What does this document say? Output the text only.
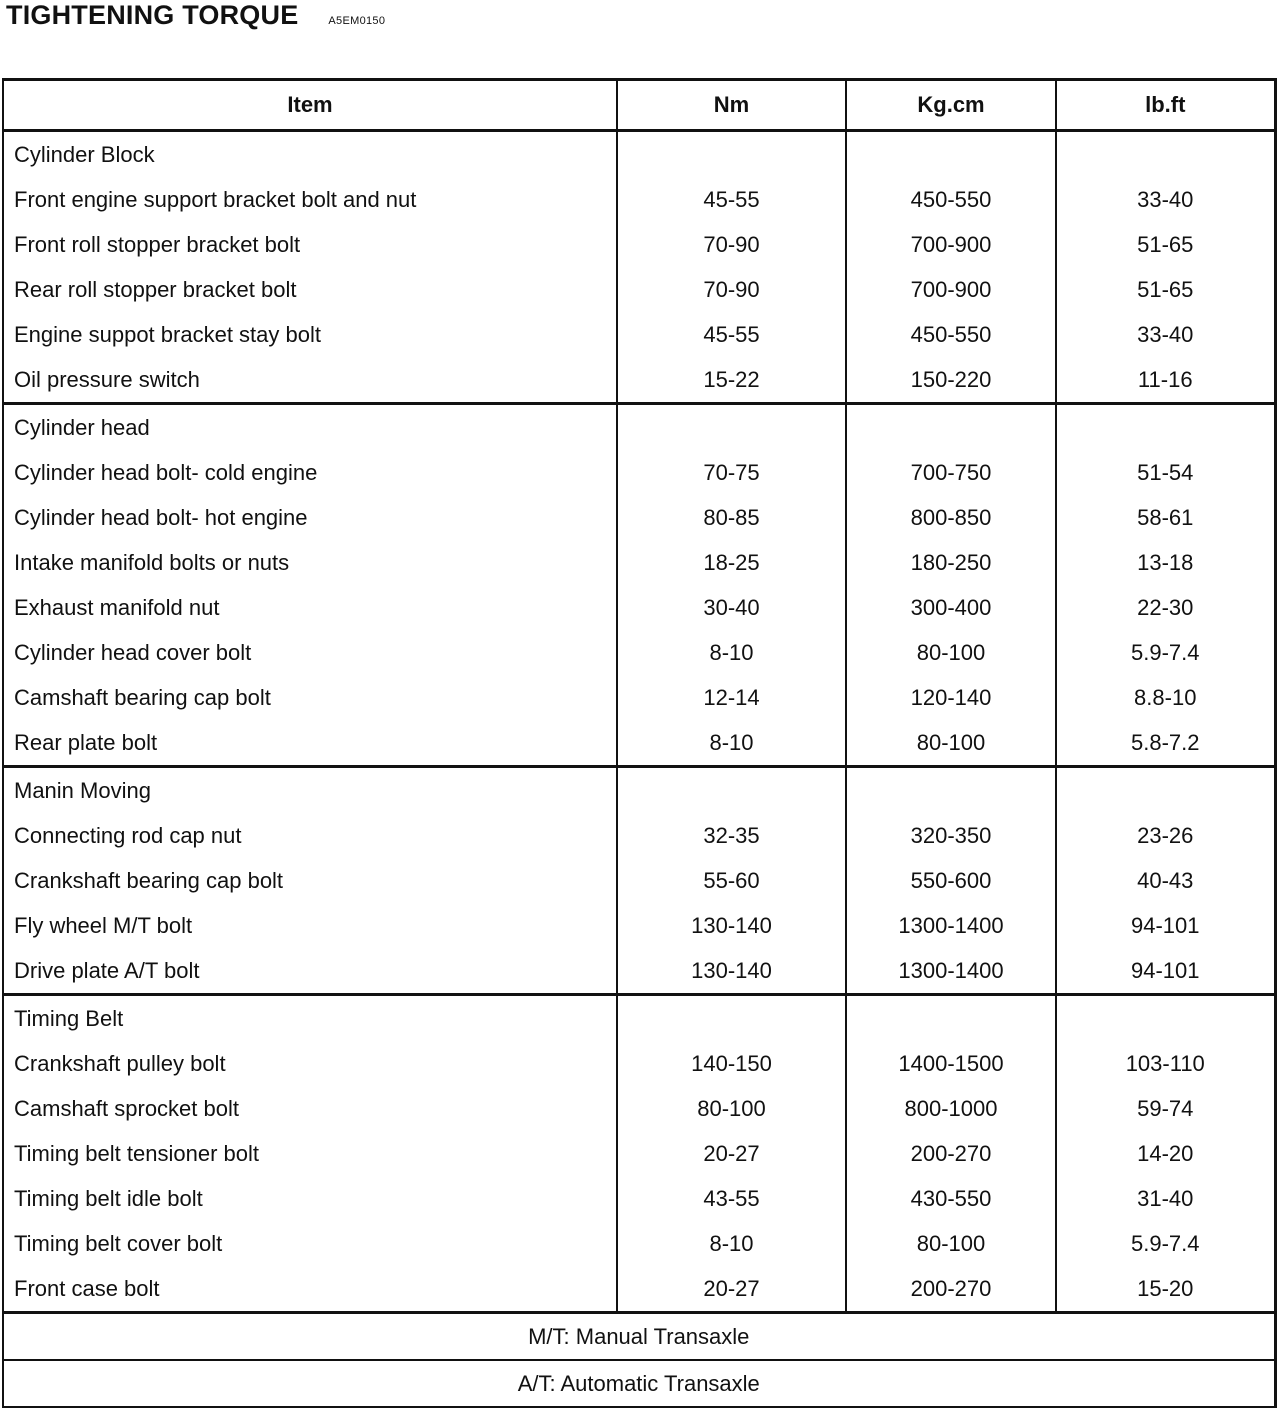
TIGHTENING TORQUE	A5EM0150
Item	Nm	Kg.cm	lb.ft
Cylinder Block			
Front engine support bracket bolt and nut	45-55	450-550	33-40
Front roll stopper bracket bolt	70-90	700-900	51-65
Rear roll stopper bracket bolt	70-90	700-900	51-65
Engine suppot bracket stay bolt	45-55	450-550	33-40
Oil pressure switch	15-22	150-220	11-16
Cylinder head			
Cylinder head bolt- cold engine	70-75	700-750	51-54
Cylinder head bolt- hot engine	80-85	800-850	58-61
Intake manifold bolts or nuts	18-25	180-250	13-18
Exhaust manifold nut	30-40	300-400	22-30
Cylinder head cover bolt	8-10	80-100	5.9-7.4
Camshaft bearing cap bolt	12-14	120-140	8.8-10
Rear plate bolt	8-10	80-100	5.8-7.2
Manin Moving			
Connecting rod cap nut	32-35	320-350	23-26
Crankshaft bearing cap bolt	55-60	550-600	40-43
Fly wheel M/T bolt	130-140	1300-1400	94-101
Drive plate A/T bolt	130-140	1300-1400	94-101
Timing Belt			
Crankshaft pulley bolt	140-150	1400-1500	103-110
Camshaft sprocket bolt	80-100	800-1000	59-74
Timing belt tensioner bolt	20-27	200-270	14-20
Timing belt idle bolt	43-55	430-550	31-40
Timing belt cover bolt	8-10	80-100	5.9-7.4
Front case bolt	20-27	200-270	15-20
M/T: Manual Transaxle			
A/T: Automatic Transaxle			
